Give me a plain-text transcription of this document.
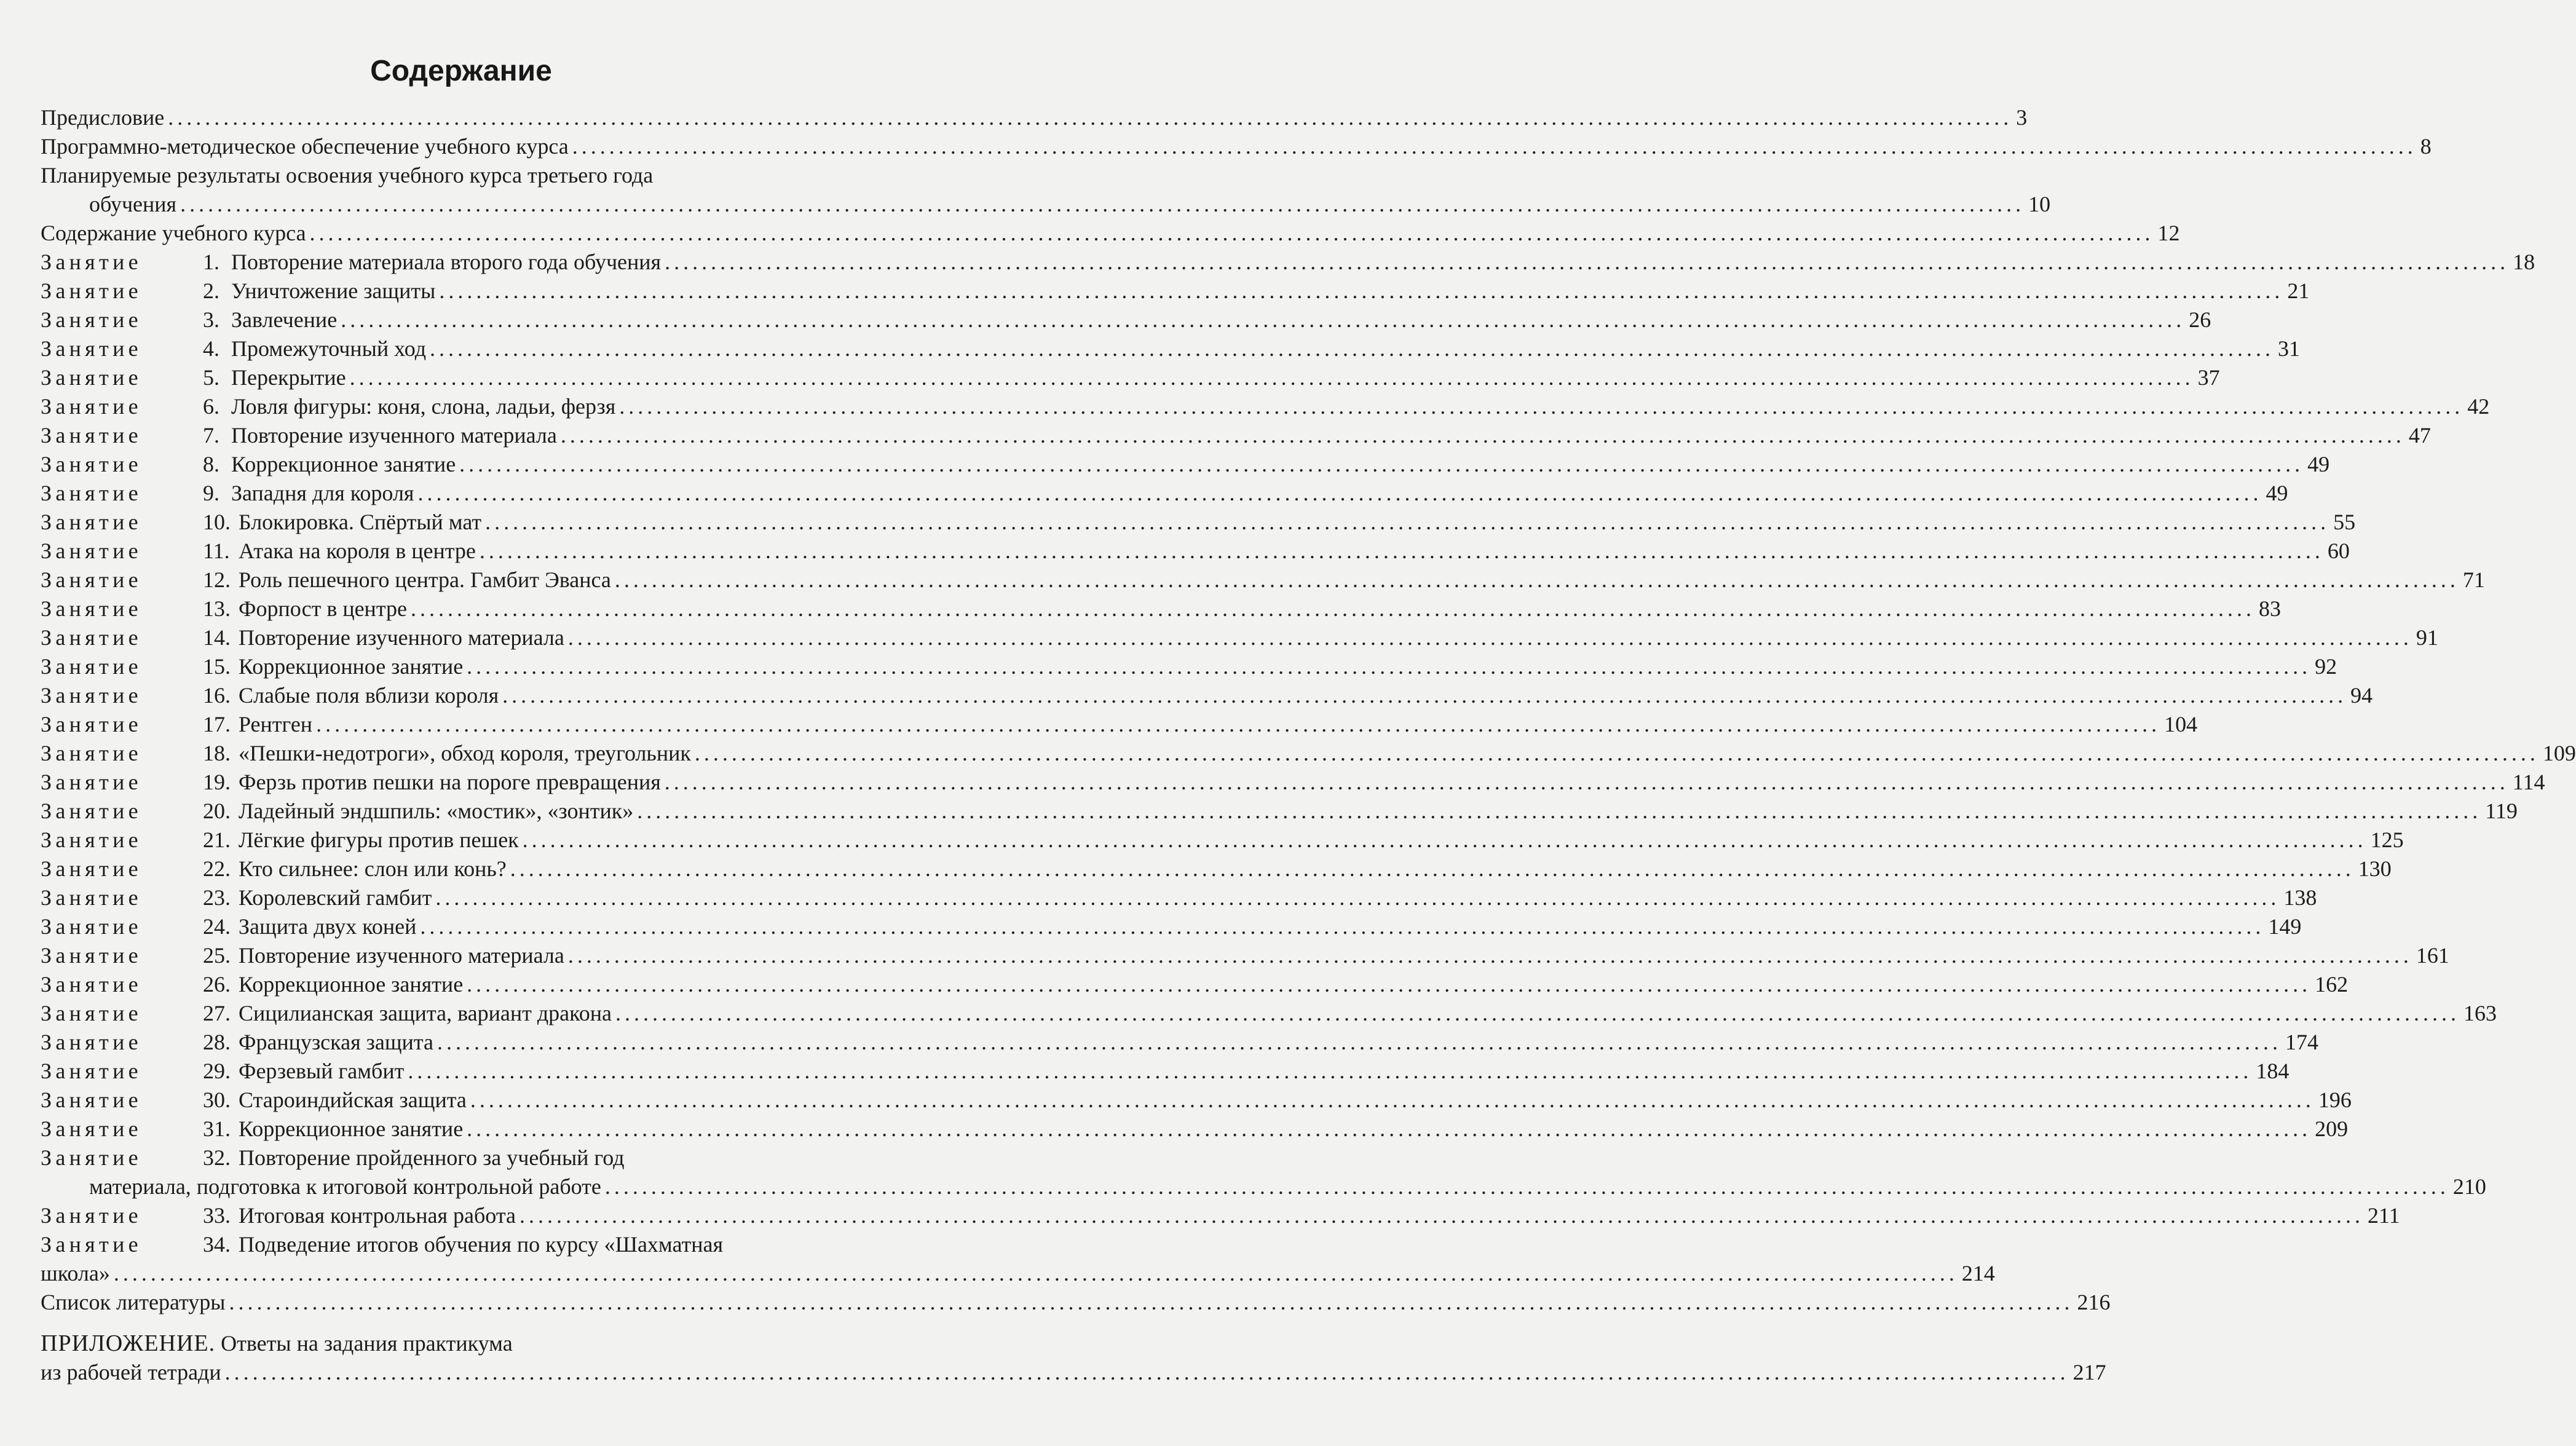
Содержание
Предисловие ........................................................................................................................................................................................................ 3
Программно-методическое обеспечение учебного курса ........................................................................................................................................................................................................ 8
Планируемые результаты освоения учебного курса третьего года
обучения ........................................................................................................................................................................................................ 10
Содержание учебного курса ........................................................................................................................................................................................................ 12
Занятие	1. Повторение материала второго года обучения ........................................................................................................................................................................................................ 18
Занятие	2. Уничтожение защиты ........................................................................................................................................................................................................ 21
Занятие	3. Завлечение ........................................................................................................................................................................................................ 26
Занятие	4. Промежуточный ход ........................................................................................................................................................................................................ 31
Занятие	5. Перекрытие ........................................................................................................................................................................................................ 37
Занятие	6. Ловля фигуры: коня, слона, ладьи, ферзя ........................................................................................................................................................................................................ 42
Занятие	7. Повторение изученного материала ........................................................................................................................................................................................................ 47
Занятие	8. Коррекционное занятие ........................................................................................................................................................................................................ 49
Занятие	9. Западня для короля ........................................................................................................................................................................................................ 49
Занятие	10. Блокировка. Спёртый мат ........................................................................................................................................................................................................ 55
Занятие	11. Атака на короля в центре ........................................................................................................................................................................................................ 60
Занятие	12. Роль пешечного центра. Гамбит Эванса ........................................................................................................................................................................................................ 71
Занятие	13. Форпост в центре ........................................................................................................................................................................................................ 83
Занятие	14. Повторение изученного материала ........................................................................................................................................................................................................ 91
Занятие	15. Коррекционное занятие ........................................................................................................................................................................................................ 92
Занятие	16. Слабые поля вблизи короля ........................................................................................................................................................................................................ 94
Занятие	17. Рентген ........................................................................................................................................................................................................ 104
Занятие	18. «Пешки-недотроги», обход короля, треугольник ........................................................................................................................................................................................................ 109
Занятие	19. Ферзь против пешки на пороге превращения ........................................................................................................................................................................................................ 114
Занятие	20. Ладейный эндшпиль: «мостик», «зонтик» ........................................................................................................................................................................................................ 119
Занятие	21. Лёгкие фигуры против пешек ........................................................................................................................................................................................................ 125
Занятие	22. Кто сильнее: слон или конь? ........................................................................................................................................................................................................ 130
Занятие	23. Королевский гамбит ........................................................................................................................................................................................................ 138
Занятие	24. Защита двух коней ........................................................................................................................................................................................................ 149
Занятие	25. Повторение изученного материала ........................................................................................................................................................................................................ 161
Занятие	26. Коррекционное занятие ........................................................................................................................................................................................................ 162
Занятие	27. Сицилианская защита, вариант дракона ........................................................................................................................................................................................................ 163
Занятие	28. Французская защита ........................................................................................................................................................................................................ 174
Занятие	29. Ферзевый гамбит ........................................................................................................................................................................................................ 184
Занятие	30. Староиндийская защита ........................................................................................................................................................................................................ 196
Занятие	31. Коррекционное занятие ........................................................................................................................................................................................................ 209
Занятие	32. Повторение пройденного за учебный год
материала, подготовка к итоговой контрольной работе ........................................................................................................................................................................................................ 210
Занятие	33. Итоговая контрольная работа ........................................................................................................................................................................................................ 211
Занятие	34. Подведение итогов обучения по курсу «Шахматная
школа» ........................................................................................................................................................................................................ 214
Список литературы ........................................................................................................................................................................................................ 216
ПРИЛОЖЕНИЕ. Ответы на задания практикума
из рабочей тетради ........................................................................................................................................................................................................ 217
